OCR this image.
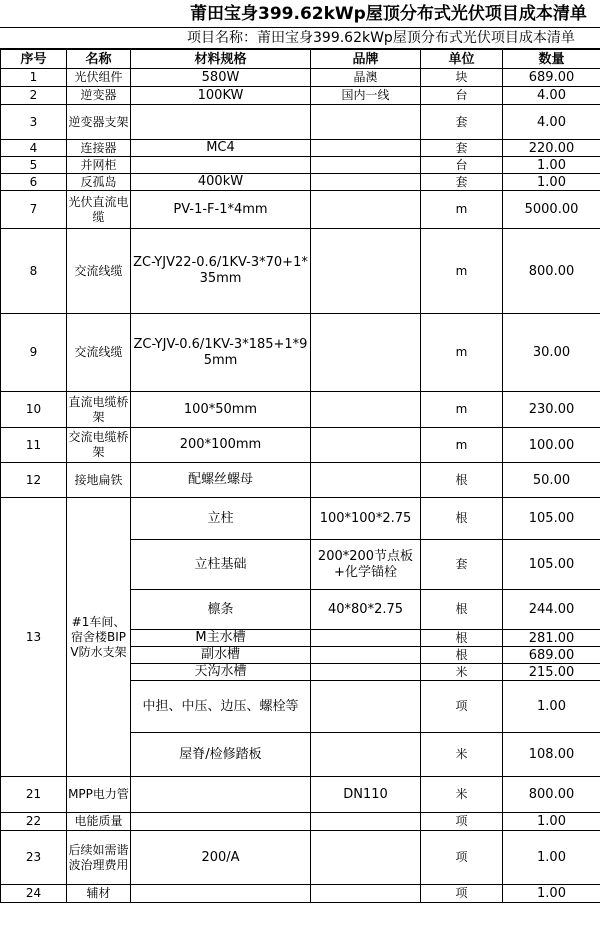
莆田宝身399.62kWp屋顶分布式光伏项目成本清单
项目名称：莆田宝身399.62kWp屋顶分布式光伏项目成本清单
序号	名称	材料规格	品牌	单位	数量
1	光伏组件	580W	晶澳	块	689.00
2	逆变器	100KW	国内一线	台	4.00
3	逆变器支架			套	4.00
4	连接器	MC4		套	220.00
5	并网柜			台	1.00
6	反孤岛	400kW		套	1.00
7	光伏直流电缆	PV-1-F-1*4mm		m	5000.00
8	交流线缆	ZC-YJV22-0.6/1KV-3*70+1*35mm		m	800.00
9	交流线缆	ZC-YJV-0.6/1KV-3*185+1*95mm		m	30.00
10	直流电缆桥架	100*50mm		m	230.00
11	交流电缆桥架	200*100mm		m	100.00
12	接地扁铁	配螺丝螺母		根	50.00
13	#1车间、宿舍楼BIPV防水支架	立柱	100*100*2.75	根	105.00
		立柱基础	200*200节点板+化学锚栓	套	105.00
		檩条	40*80*2.75	根	244.00
		M主水槽		根	281.00
		副水槽		根	689.00
		天沟水槽		米	215.00
		中担、中压、边压、螺栓等		项	1.00
		屋脊/检修踏板		米	108.00
21	MPP电力管		DN110	米	800.00
22	电能质量			项	1.00
23	后续如需谐波治理费用	200/A		项	1.00
24	辅材			项	1.00
